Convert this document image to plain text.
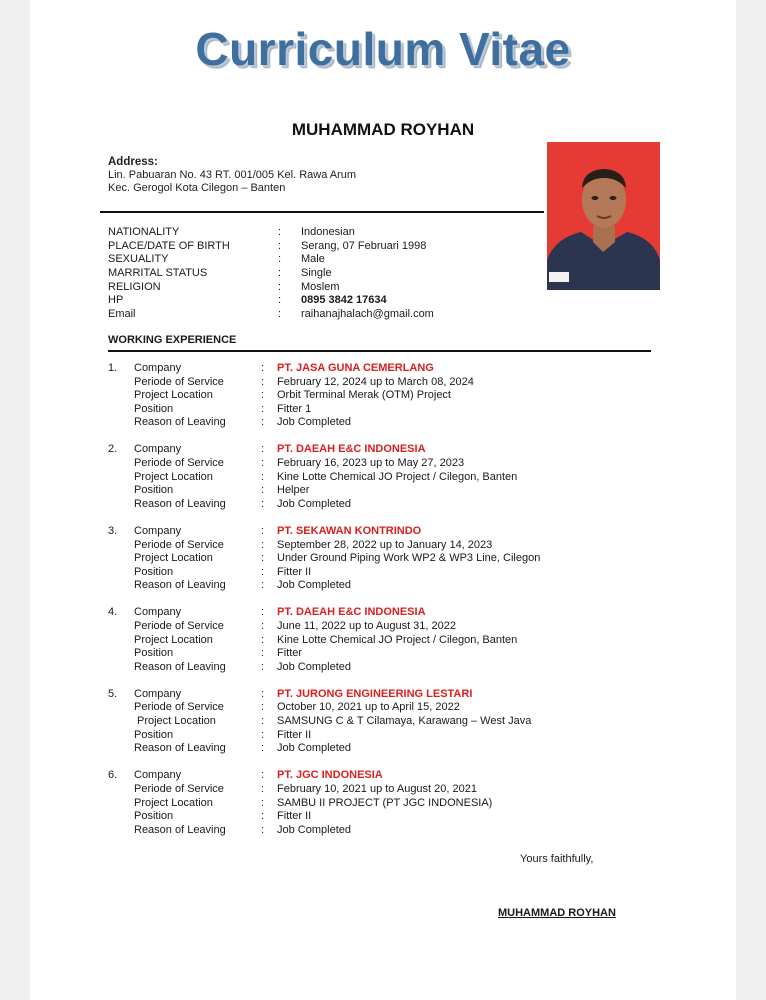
Curriculum Vitae
MUHAMMAD ROYHAN
Address:
Lin. Pabuaran No. 43 RT. 001/005 Kel. Rawa Arum
Kec. Gerogol Kota Cilegon – Banten
NATIONALITY	:	Indonesian
PLACE/DATE OF BIRTH	:	Serang, 07 Februari 1998
SEXUALITY	:	Male
MARRITAL STATUS	:	Single
RELIGION	:	Moslem
HP	:	0895 3842 17634
Email	:	raihanajhalach@gmail.com
WORKING EXPERIENCE
1.	Company	:	PT. JASA GUNA CEMERLANG
Periode of Service	:	February 12, 2024 up to March 08, 2024
Project Location	:	Orbit Terminal Merak (OTM) Project
Position	:	Fitter 1
Reason of Leaving	:	Job Completed
2.	Company	:	PT. DAEAH E&C INDONESIA
Periode of Service	:	February 16, 2023 up to May 27, 2023
Project Location	:	Kine Lotte Chemical JO Project / Cilegon, Banten
Position	:	Helper
Reason of Leaving	:	Job Completed
3.	Company	:	PT. SEKAWAN KONTRINDO
Periode of Service	:	September 28, 2022 up to January 14, 2023
Project Location	:	Under Ground Piping Work WP2 & WP3 Line, Cilegon
Position	:	Fitter II
Reason of Leaving	:	Job Completed
4.	Company	:	PT. DAEAH E&C INDONESIA
Periode of Service	:	June 11, 2022 up to August 31, 2022
Project Location	:	Kine Lotte Chemical JO Project / Cilegon, Banten
Position	:	Fitter
Reason of Leaving	:	Job Completed
5.	Company	:	PT. JURONG ENGINEERING LESTARI
Periode of Service	:	October 10, 2021 up to April 15, 2022
Project Location	:	SAMSUNG C & T Cilamaya, Karawang – West Java
Position	:	Fitter II
Reason of Leaving	:	Job Completed
6.	Company	:	PT. JGC INDONESIA
Periode of Service	:	February 10, 2021 up to August 20, 2021
Project Location	:	SAMBU II PROJECT (PT JGC INDONESIA)
Position	:	Fitter II
Reason of Leaving	:	Job Completed
Yours faithfully,
MUHAMMAD ROYHAN
